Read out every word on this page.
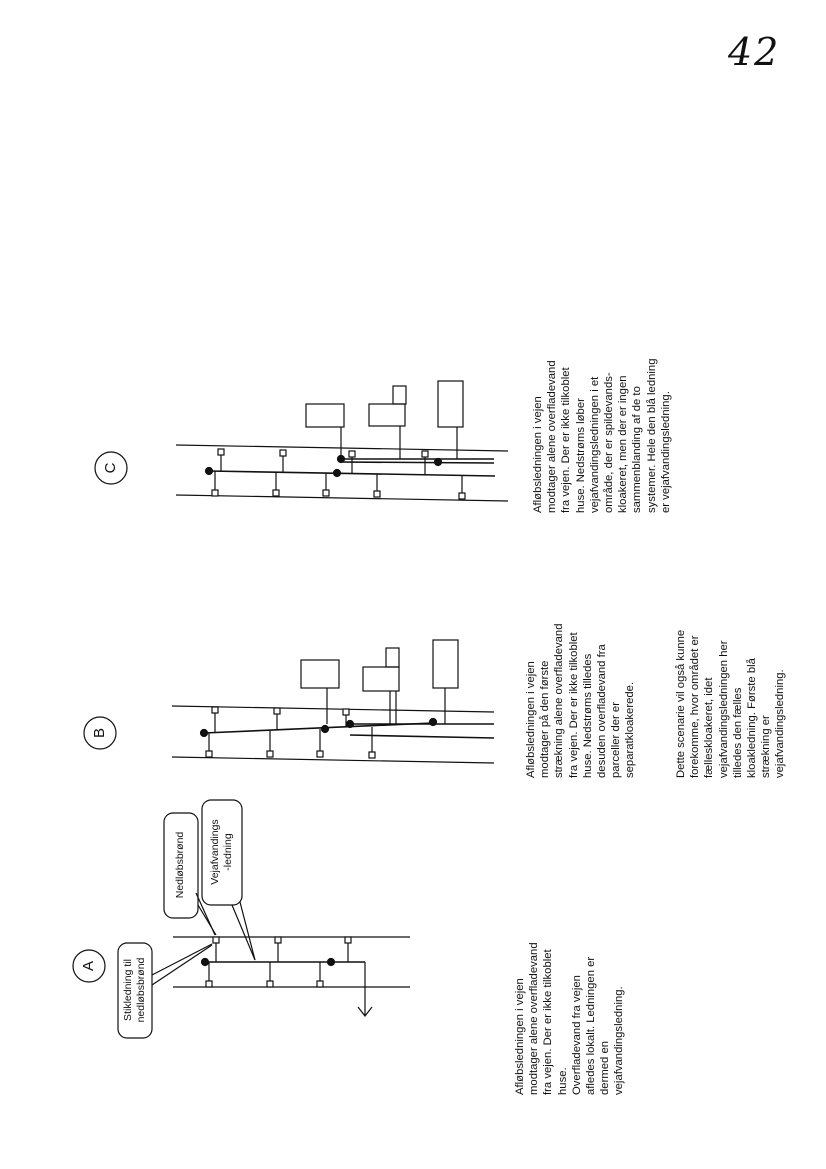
42
A
B
C
Stikledning til nedløbsbrønd
Nedløbsbrønd Vejafvandings -ledning
Afløbsledningen i vejen modtager alene overfladevand fra vejen. Der er ikke tilkoblet huse. Overfladevand fra vejen afledes lokalt. Ledningen er dermed en vejafvandingsledning.
Afløbsledningen i vejen modtager på den første strækning alene overfladevand fra vejen. Der er ikke tilkoblet huse. Nedstrøms tilledes desuden overfladevand fra parceller der er separatkloakerede.	Dette scenarie vil også kunne forekomme, hvor området er fælleskloakeret, idet vejafvandingsledningen her tilledes den fælles kloakledning. Første blå strækning er vejafvandingsledning.
Afløbsledningen i vejen modtager alene overfladevand fra vejen. Der er ikke tilkoblet huse. Nedstrøms løber vejafvandingsledningen i et område, der er spildevands- kloakeret, men der er ingen sammenblanding af de to systemer. Hele den blå ledning er vejafvandingsledning.
